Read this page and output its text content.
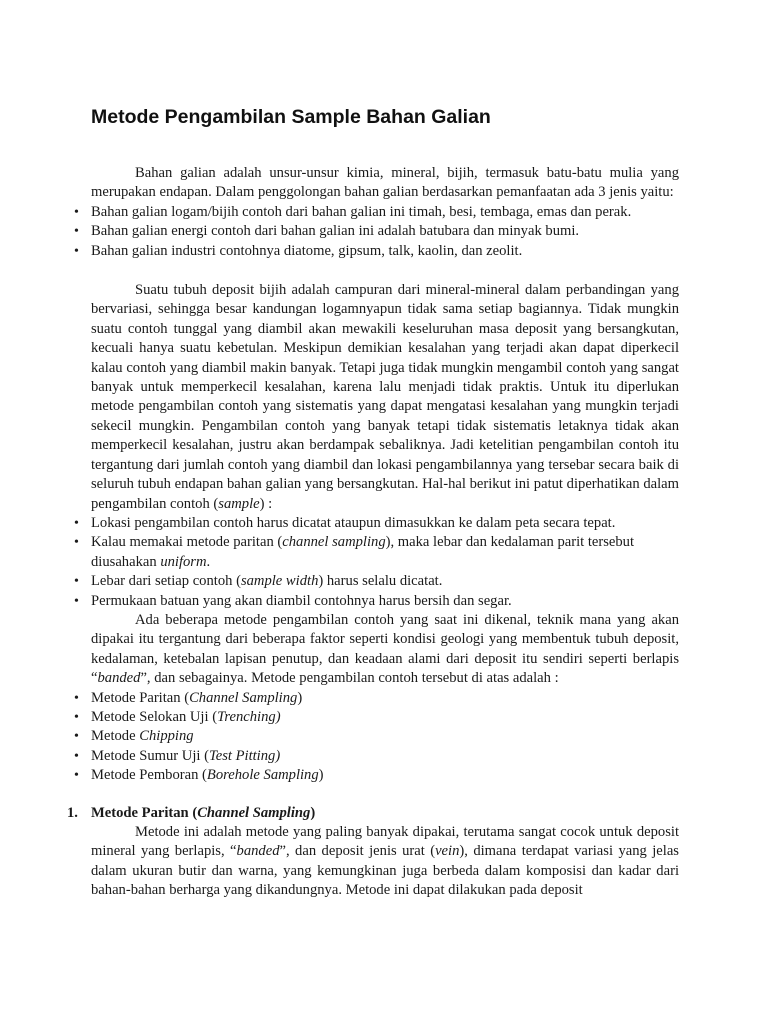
Metode Pengambilan Sample Bahan Galian

Bahan galian adalah unsur-unsur kimia, mineral, bijih, termasuk batu-batu mulia yang merupakan endapan. Dalam penggolongan bahan galian berdasarkan pemanfaatan ada 3 jenis yaitu:

• Bahan galian logam/bijih contoh dari bahan galian ini timah, besi, tembaga, emas dan perak.
• Bahan galian energi contoh dari bahan galian ini adalah batubara dan minyak bumi.
• Bahan galian industri contohnya diatome, gipsum, talk, kaolin, dan zeolit.

Suatu tubuh deposit bijih adalah campuran dari mineral-mineral dalam perbandingan yang bervariasi, sehingga besar kandungan logamnyapun tidak sama setiap bagiannya. Tidak mungkin suatu contoh tunggal yang diambil akan mewakili keseluruhan masa deposit yang bersangkutan, kecuali hanya suatu kebetulan. Meskipun demikian kesalahan yang terjadi akan dapat diperkecil kalau contoh yang diambil makin banyak. Tetapi juga tidak mungkin mengambil contoh yang sangat banyak untuk memperkecil kesalahan, karena lalu menjadi tidak praktis. Untuk itu diperlukan metode pengambilan contoh yang sistematis yang dapat mengatasi kesalahan yang mungkin terjadi sekecil mungkin. Pengambilan contoh yang banyak tetapi tidak sistematis letaknya tidak akan memperkecil kesalahan, justru akan berdampak sebaliknya. Jadi ketelitian pengambilan contoh itu tergantung dari jumlah contoh yang diambil dan lokasi pengambilannya yang tersebar secara baik di seluruh tubuh endapan bahan galian yang bersangkutan. Hal-hal berikut ini patut diperhatikan dalam pengambilan contoh (sample) :

• Lokasi pengambilan contoh harus dicatat ataupun dimasukkan ke dalam peta secara tepat.
• Kalau memakai metode paritan (channel sampling), maka lebar dan kedalaman parit tersebut diusahakan uniform.
• Lebar dari setiap contoh (sample width) harus selalu dicatat.
• Permukaan batuan yang akan diambil contohnya harus bersih dan segar.

Ada beberapa metode pengambilan contoh yang saat ini dikenal, teknik mana yang akan dipakai itu tergantung dari beberapa faktor seperti kondisi geologi yang membentuk tubuh deposit, kedalaman, ketebalan lapisan penutup, dan keadaan alami dari deposit itu sendiri seperti berlapis “banded”, dan sebagainya. Metode pengambilan contoh tersebut di atas adalah :

• Metode Paritan (Channel Sampling)
• Metode Selokan Uji (Trenching)
• Metode Chipping
• Metode Sumur Uji (Test Pitting)
• Metode Pemboran (Borehole Sampling)
1. Metode Paritan (Channel Sampling)

Metode ini adalah metode yang paling banyak dipakai, terutama sangat cocok untuk deposit mineral yang berlapis, “banded”, dan deposit jenis urat (vein), dimana terdapat variasi yang jelas dalam ukuran butir dan warna, yang kemungkinan juga berbeda dalam komposisi dan kadar dari bahan-bahan berharga yang dikandungnya. Metode ini dapat dilakukan pada deposit
